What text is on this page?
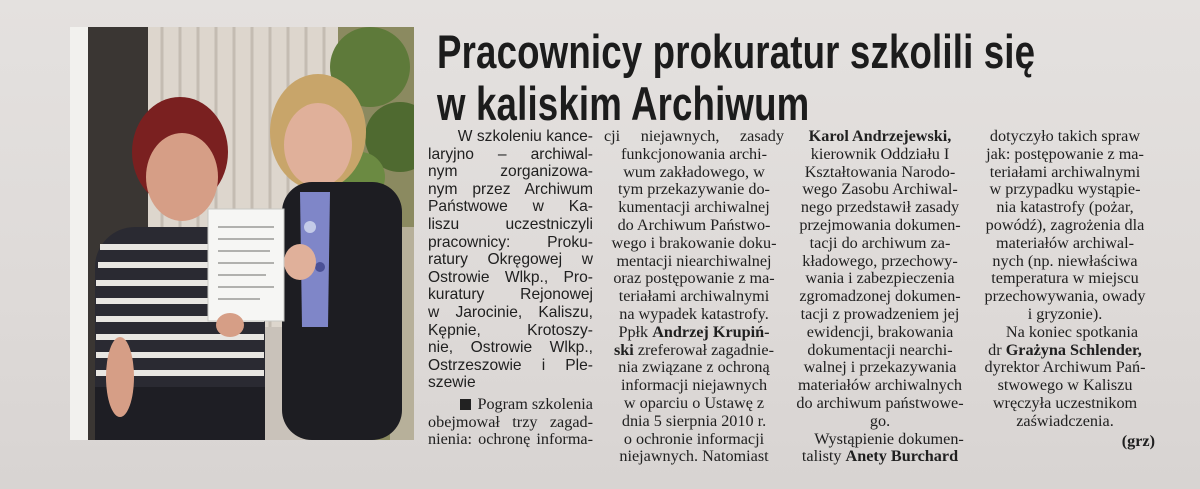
Pracownicy prokuratur szkolili się
w kaliskim Archiwum
W szkoleniu kance-
laryjno – archiwal-
nym zorganizowa-
nym przez Archiwum
Państwowe w Ka-
liszu uczestniczyli
pracownicy: Proku-
ratury Okręgowej w
Ostrowie Wlkp., Pro-
kuratury Rejonowej
w Jarocinie, Kaliszu,
Kępnie, Krotoszy-
nie, Ostrowie Wlkp.,
Ostrzeszowie i Ple-
szewie
Pogram szkolenia
obejmował trzy zagad-
nienia: ochronę informa-
cji niejawnych, zasady
funkcjonowania archi-
wum zakładowego, w
tym przekazywanie do-
kumentacji archiwalnej
do Archiwum Państwo-
wego i brakowanie doku-
mentacji niearchiwalnej
oraz postępowanie z ma-
teriałami archiwalnymi
na wypadek katastrofy.
Ppłk Andrzej Krupiń-
ski zreferował zagadnie-
nia związane z ochroną
informacji niejawnych
w oparciu o Ustawę z
dnia 5 sierpnia 2010 r.
o ochronie informacji
niejawnych. Natomiast
Karol Andrzejewski,
kierownik Oddziału I
Kształtowania Narodo-
wego Zasobu Archiwal-
nego przedstawił zasady
przejmowania dokumen-
tacji do archiwum za-
kładowego, przechowy-
wania i zabezpieczenia
zgromadzonej dokumen-
tacji z prowadzeniem jej
ewidencji, brakowania
dokumentacji nearchi-
walnej i przekazywania
materiałów archiwalnych
do archiwum państwowe-
go.
Wystąpienie dokumen-
talisty Anety Burchard
dotyczyło takich spraw
jak: postępowanie z ma-
teriałami archiwalnymi
w przypadku wystąpie-
nia katastrofy (pożar,
powódź), zagrożenia dla
materiałów archiwal-
nych (np. niewłaściwa
temperatura w miejscu
przechowywania, owady
i gryzonie).
Na koniec spotkania
dr Grażyna Schlender,
dyrektor Archiwum Pań-
stwowego w Kaliszu
wręczyła uczestnikom
zaświadczenia.
(grz)
